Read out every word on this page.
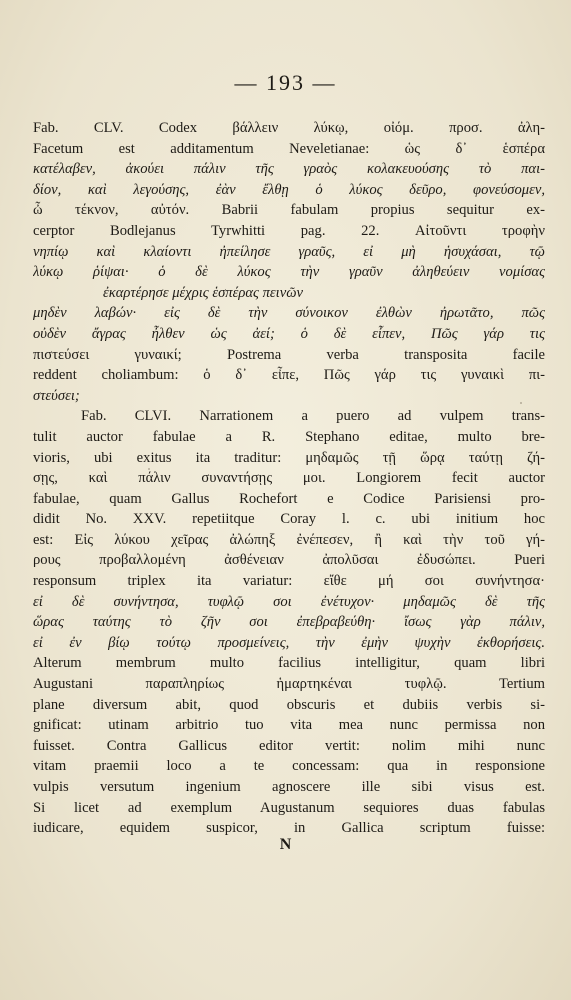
— 193 —
Fab. CLV. Codex βάλλειν λύκῳ, οἰόμ. προσ. ἀλη-
Facetum est additamentum Neveletianae: ὡς δ᾽ ἑσπέρα
κατέλαβεν, ἀκούει πάλιν τῆς γραὸς κολακευούσης τὸ παι-
δίον, καὶ λεγούσης, ἐὰν ἔλθῃ ὁ λύκος δεῦρο, φονεύσομεν,
ὦ τέκνον, αὐτόν. Babrii fabulam propius sequitur ex-
cerptor Bodlejanus Tyrwhitti pag. 22. Αἰτοῦντι τροφὴν
νηπίῳ καὶ κλαίοντι ἠπείλησε γραῦς, εἰ μὴ ἡσυχάσαι, τῷ
λύκῳ ῥίψαι· ὁ δὲ λύκος τὴν γραῦν ἀληθεύειν νομίσας
ἐκαρτέρησε μέχρις ἑσπέρας πεινῶν
μηδὲν λαβών· εἰς δὲ τὴν σύνοικον ἐλθὼν ἠρωτᾶτο, πῶς
οὐδὲν ἄγρας ἦλθεν ὡς ἀεί; ὁ δὲ εἶπεν, Πῶς γάρ τις
πιστεύσει γυναικί; Postrema verba transposita facile
reddent choliambum: ὁ δ᾽ εἶπε, Πῶς γάρ τις γυναικὶ πι-
στεύσει;
Fab. CLVI. Narrationem a puero ad vulpem trans-
tulit auctor fabulae a R. Stephano editae, multo bre-
vioris, ubi exitus ita traditur: μηδαμῶς τῇ ὥρᾳ ταύτῃ ζή-
σῃς, καὶ πάλιν συναντήσῃς μοι. Longiorem fecit auctor
fabulae, quam Gallus Rochefort e Codice Parisiensi pro-
didit No. XXV. repetiitque Coray l. c. ubi initium hoc
est: Εἰς λύκου χεῖρας ἀλώπηξ ἐνέπεσεν, ἢ καὶ τὴν τοῦ γή-
ρους προβαλλομένη ἀσθένειαν ἀπολῦσαι ἐδυσώπει. Pueri
responsum triplex ita variatur: εἴθε μή σοι συνήντησα·
εἰ δὲ συνήντησα, τυφλῷ σοι ἐνέτυχον· μηδαμῶς δὲ τῆς
ὥρας ταύτης τὸ ζῆν σοι ἐπεβραβεύθη· ἴσως γὰρ πάλιν,
εἰ ἐν βίῳ τούτῳ προσμείνεις, τὴν ἐμὴν ψυχὴν ἐκθορήσεις.
Alterum membrum multo facilius intelligitur, quam libri
Augustani παραπληρίως ἡμαρτηκέναι τυφλῷ. Tertium
plane diversum abit, quod obscuris et dubiis verbis si-
gnificat: utinam arbitrio tuo vita mea nunc permissa non
fuisset. Contra Gallicus editor vertit: nolim mihi nunc
vitam praemii loco a te concessam: qua in responsione
vulpis versutum ingenium agnoscere ille sibi visus est.
Si licet ad exemplum Augustanum sequiores duas fabulas
iudicare, equidem suspicor, in Gallica scriptum fuisse:
N
